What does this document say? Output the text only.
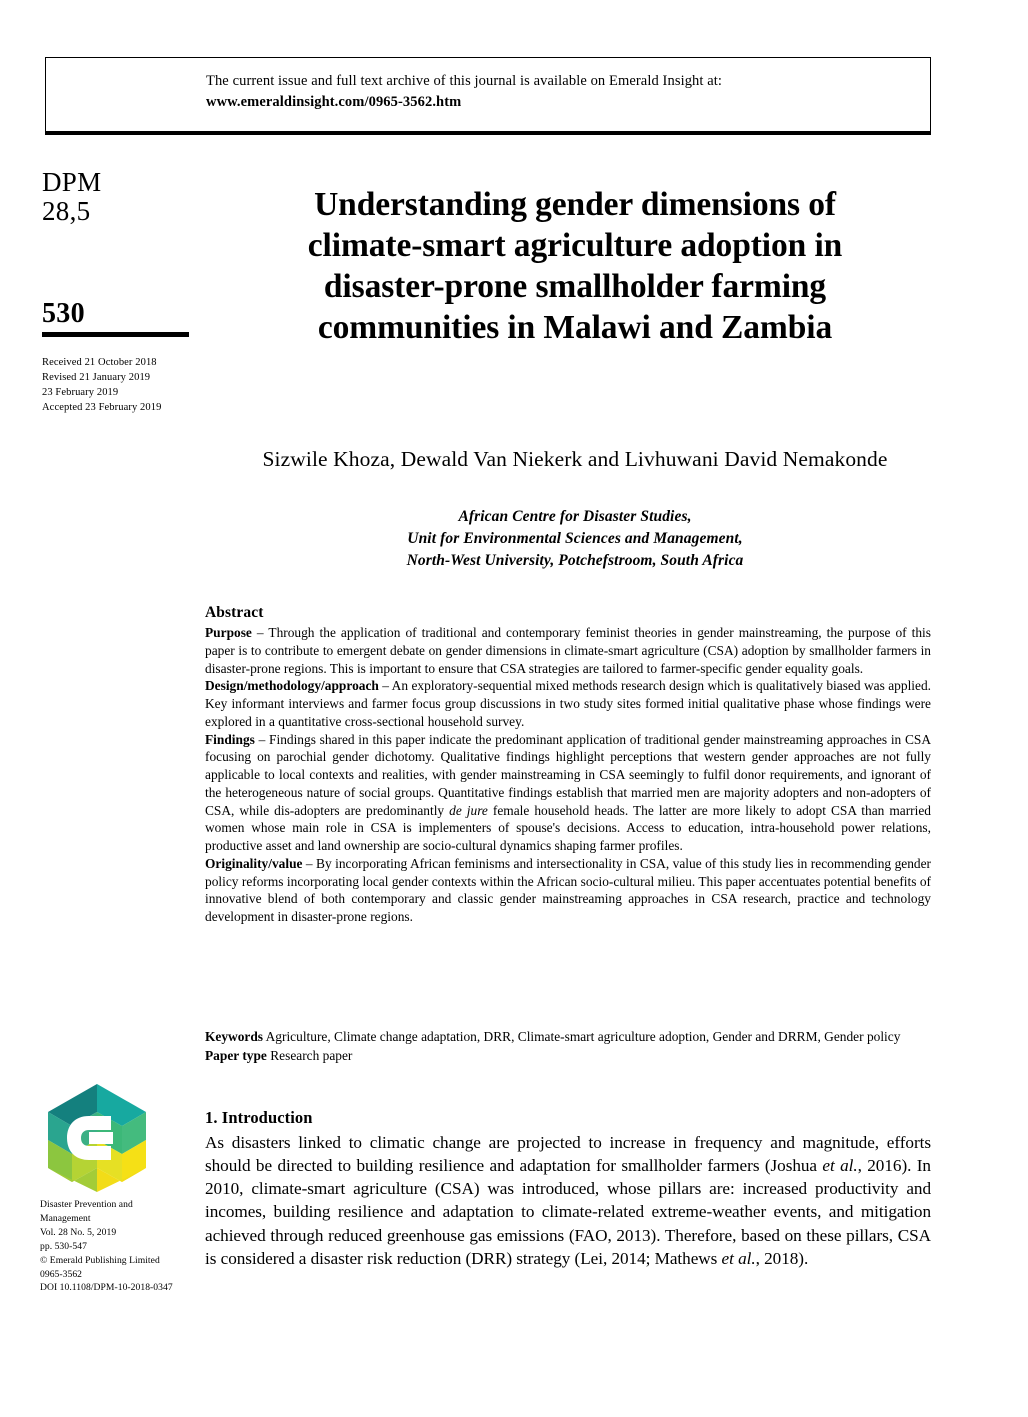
The current issue and full text archive of this journal is available on Emerald Insight at:
www.emeraldinsight.com/0965-3562.htm
DPM
28,5
530
Received 21 October 2018
Revised 21 January 2019
23 February 2019
Accepted 23 February 2019
Disaster Prevention and
Management
Vol. 28 No. 5, 2019
pp. 530-547
© Emerald Publishing Limited
0965-3562
DOI 10.1108/DPM-10-2018-0347
Understanding gender dimensions of climate-smart agriculture adoption in disaster-prone smallholder farming communities in Malawi and Zambia
Sizwile Khoza, Dewald Van Niekerk and Livhuwani David Nemakonde
African Centre for Disaster Studies,
Unit for Environmental Sciences and Management,
North-West University, Potchefstroom, South Africa
Abstract

Purpose – Through the application of traditional and contemporary feminist theories in gender mainstreaming, the purpose of this paper is to contribute to emergent debate on gender dimensions in climate-smart agriculture (CSA) adoption by smallholder farmers in disaster-prone regions. This is important to ensure that CSA strategies are tailored to farmer-specific gender equality goals.

Design/methodology/approach – An exploratory-sequential mixed methods research design which is qualitatively biased was applied. Key informant interviews and farmer focus group discussions in two study sites formed initial qualitative phase whose findings were explored in a quantitative cross-sectional household survey.

Findings – Findings shared in this paper indicate the predominant application of traditional gender mainstreaming approaches in CSA focusing on parochial gender dichotomy. Qualitative findings highlight perceptions that western gender approaches are not fully applicable to local contexts and realities, with gender mainstreaming in CSA seemingly to fulfil donor requirements, and ignorant of the heterogeneous nature of social groups. Quantitative findings establish that married men are majority adopters and non-adopters of CSA, while dis-adopters are predominantly de jure female household heads. The latter are more likely to adopt CSA than married women whose main role in CSA is implementers of spouse's decisions. Access to education, intra-household power relations, productive asset and land ownership are socio-cultural dynamics shaping farmer profiles.

Originality/value – By incorporating African feminisms and intersectionality in CSA, value of this study lies in recommending gender policy reforms incorporating local gender contexts within the African socio-cultural milieu. This paper accentuates potential benefits of innovative blend of both contemporary and classic gender mainstreaming approaches in CSA research, practice and technology development in disaster-prone regions.

Keywords Agriculture, Climate change adaptation, DRR, Climate-smart agriculture adoption, Gender and DRRM, Gender policy
Paper type Research paper
1. Introduction

As disasters linked to climatic change are projected to increase in frequency and magnitude, efforts should be directed to building resilience and adaptation for smallholder farmers (Joshua et al., 2016). In 2010, climate-smart agriculture (CSA) was introduced, whose pillars are: increased productivity and incomes, building resilience and adaptation to climate-related extreme-weather events, and mitigation achieved through reduced greenhouse gas emissions (FAO, 2013). Therefore, based on these pillars, CSA is considered a disaster risk reduction (DRR) strategy (Lei, 2014; Mathews et al., 2018).
